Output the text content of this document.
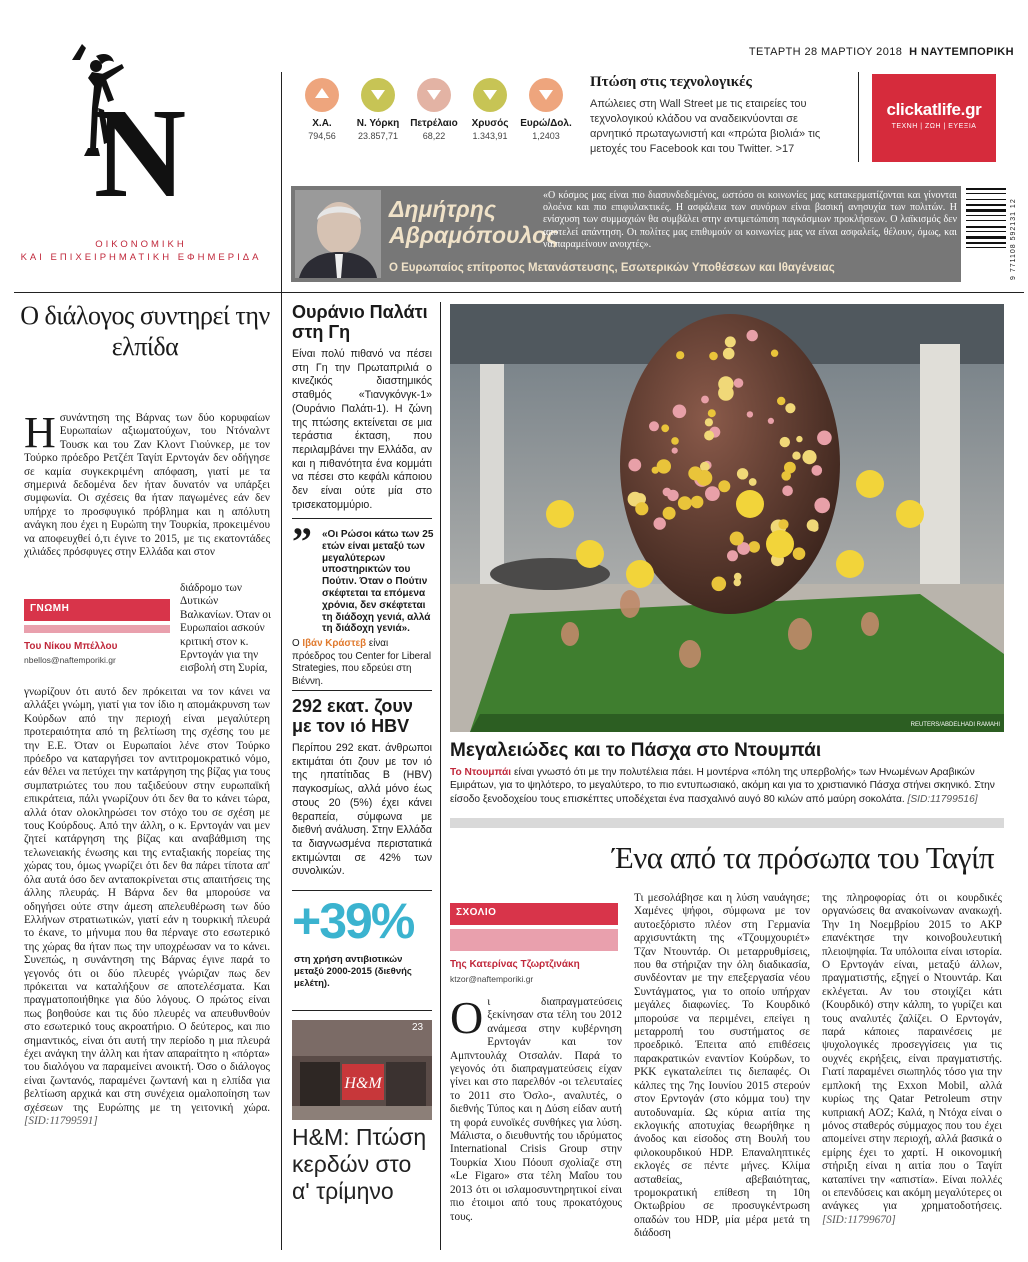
ΤΕΤΑΡΤΗ 28 ΜΑΡΤΙΟΥ 2018 Η ΝΑΥΤΕΜΠΟΡΙΚΗ
N
ΟΙΚΟΝΟΜΙΚΗ
ΚΑΙ ΕΠΙΧΕΙΡΗΜΑΤΙΚΗ ΕΦΗΜΕΡΙΔΑ
Χ.Α.
794,56
Ν. Υόρκη
23.857,71
Πετρέλαιο
68,22
Χρυσός
1.343,91
Ευρώ/Δολ.
1,2403
Πτώση στις τεχνολογικές
Απώλειες στη Wall Street με τις εταιρείες του τεχνολογικού κλάδου να αναδεικνύονται σε αρνητικό πρωταγωνιστή και «πρώτα βιολιά» τις μετοχές του Facebook και του Twitter. >17
clickatlife.gr
ΤΕΧΝΗ | ΖΩΗ | ΕΥΕΞΙΑ
Δημήτρης
Αβραμόπουλος
«Ο κόσμος μας είναι πιο διασυνδεδεμένος, ωστόσο οι κοινωνίες μας κατακερματίζονται και γίνονται ολοένα και πιο επιφυλακτικές. Η ασφάλεια των συνόρων είναι βασική ανησυχία των πολιτών. Η ενίσχυση των συμμαχιών θα συμβάλει στην αντιμετώπιση παγκόσμιων προκλήσεων. Ο λαϊκισμός δεν αποτελεί απάντηση. Οι πολίτες μας επιθυμούν οι κοινωνίες μας να είναι ασφαλείς, θέλουν, όμως, και να παραμείνουν ανοιχτές».
Ο Ευρωπαίος επίτροπος Μετανάστευσης, Εσωτερικών Υποθέσεων και Ιθαγένειας	9 771108 592131 12
Ο διάλογος συντηρεί την ελπίδα
Η συνάντηση της Βάρνας των δύο κορυφαίων Ευρωπαίων αξιωματούχων, του Ντόναλντ Τουσκ και του Ζαν Κλοντ Γιούνκερ, με τον Τούρκο πρόεδρο Ρετζέπ Ταγίπ Ερντογάν δεν οδήγησε σε καμία συγκεκριμένη απόφαση, γιατί με τα σημερινά δεδομένα δεν ήταν δυνατόν να υπάρξει συμφωνία. Οι σχέσεις θα ήταν παγωμένες εάν δεν υπήρχε το προσφυγικό πρόβλημα και η απόλυτη ανάγκη που έχει η Ευρώπη την Τουρκία, προκειμένου να αποφευχθεί ό,τι έγινε το 2015, με τις εκατοντάδες χιλιάδες πρόσφυγες στην Ελλάδα και στον
ΓΝΩΜΗ
Του Νίκου Μπέλλου
nbellos@naftemporiki.gr
διάδρομο των Δυτικών Βαλκανίων. Όταν οι Ευρωπαίοι ασκούν κριτική στον κ. Ερντογάν για την εισβολή στη Συρία,
γνωρίζουν ότι αυτό δεν πρόκειται να τον κάνει να αλλάξει γνώμη, γιατί για τον ίδιο η απομάκρυνση των Κούρδων από την περιοχή είναι μεγαλύτερη προτεραιότητα από τη βελτίωση της σχέσης του με την Ε.Ε. Όταν οι Ευρωπαίοι λένε στον Τούρκο πρόεδρο να καταργήσει τον αντιτρομοκρατικό νόμο, εάν θέλει να πετύχει την κατάργηση της βίζας για τους συμπατριώτες του που ταξιδεύουν στην ευρωπαϊκή επικράτεια, πάλι γνωρίζουν ότι δεν θα το κάνει τώρα, αλλά όταν ολοκληρώσει τον στόχο του σε σχέση με τους Κούρδους. Από την άλλη, ο κ. Ερντογάν ναι μεν ζητεί κατάργηση της βίζας και αναβάθμιση της τελωνειακής ένωσης και της ενταξιακής πορείας της χώρας του, όμως γνωρίζει ότι δεν θα πάρει τίποτα απ' όλα αυτά όσο δεν ανταποκρίνεται στις απαιτήσεις της άλλης πλευράς. Η Βάρνα δεν θα μπορούσε να οδηγήσει ούτε στην άμεση απελευθέρωση των δύο Ελλήνων στρατιωτικών, γιατί εάν η τουρκική πλευρά το έκανε, το μήνυμα που θα πέρναγε στο εσωτερικό της χώρας θα ήταν πως την υποχρέωσαν να το κάνει. Συνεπώς, η συνάντηση της Βάρνας έγινε παρά το γεγονός ότι οι δύο πλευρές γνώριζαν πως δεν πρόκειται να καταλήξουν σε αποτελέσματα. Και πραγματοποιήθηκε για δύο λόγους. Ο πρώτος είναι πως βοηθούσε και τις δύο πλευρές να απευθυνθούν στο εσωτερικό τους ακροατήριο. Ο δεύτερος, και πιο σημαντικός, είναι ότι αυτή την περίοδο η μια πλευρά έχει ανάγκη την άλλη και ήταν απαραίτητο η «πόρτα» του διαλόγου να παραμείνει ανοικτή. Όσο ο διάλογος είναι ζωντανός, παραμένει ζωντανή και η ελπίδα για βελτίωση αρχικά και στη συνέχεια ομαλοποίηση των σχέσεων της Ευρώπης με τη γειτονική χώρα. [SID:11799591]
Ουράνιο Παλάτι στη Γη
Είναι πολύ πιθανό να πέσει στη Γη την Πρωταπριλιά ο κινεζικός διαστημικός σταθμός «Τιανγκόνγκ-1» (Ουράνιο Παλάτι-1). Η ζώνη της πτώσης εκτείνεται σε μια τεράστια έκταση, που περιλαμβάνει την Ελλάδα, αν και η πιθανότητα ένα κομμάτι να πέσει στο κεφάλι κάποιου δεν είναι ούτε μία στο τρισεκατομμύριο.
” «Οι Ρώσοι κάτω των 25 ετών είναι μεταξύ των μεγαλύτερων υποστηρικτών του Πούτιν. Όταν ο Πούτιν σκέφτεται τα επόμενα χρόνια, δεν σκέφτεται τη διάδοχη γενιά, αλλά τη διάδοχη γενιά».
Ο Ιβάν Κράστεβ είναι πρόεδρος του Center for Liberal Strategies, που εδρεύει στη Βιέννη.
292 εκατ. ζουν με τον ιό HBV
Περίπου 292 εκατ. άνθρωποι εκτιμάται ότι ζουν με τον ιό της ηπατίτιδας B (HBV) παγκοσμίως, αλλά μόνο έως στους 20 (5%) έχει κάνει θεραπεία, σύμφωνα με διεθνή ανάλυση. Στην Ελλάδα τα διαγνωσμένα περιστατικά εκτιμώνται σε 42% των συνολικών.
+39%
στη χρήση αντιβιοτικών μεταξύ 2000-2015 (διεθνής μελέτη).
H&M
23
H&M: Πτώση κερδών στο α' τρίμηνο
REUTERS/ABDELHADI RAMAHI
Μεγαλειώδες και το Πάσχα στο Ντουμπάι
Το Ντουμπάι είναι γνωστό ότι με την πολυτέλεια πάει. Η μοντέρνα «πόλη της υπερβολής» των Ηνωμένων Αραβικών Εμιράτων, για το ψηλότερο, το μεγαλύτερο, το πιο εντυπωσιακό, ακόμη και για το χριστιανικό Πάσχα στήνει σκηνικό. Στην είσοδο ξενοδοχείου τους επισκέπτες υποδέχεται ένα πασχαλινό αυγό 80 κιλών από μαύρη σοκολάτα. [SID:11799516]
Ένα από τα πρόσωπα του Ταγίπ
ΣΧΟΛΙΟ
Της Κατερίνας Τζωρτζινάκη
ktzor@naftemporiki.gr
Ο ι διαπραγματεύσεις ξεκίνησαν στα τέλη του 2012 ανάμεσα στην κυβέρνηση Ερντογάν και τον Αμπντουλάχ Οτσαλάν. Παρά το γεγονός ότι διαπραγματεύσεις είχαν γίνει και στο παρελθόν -οι τελευταίες το 2011 στο Όσλο-, αναλυτές, ο διεθνής Τύπος και η Δύση είδαν αυτή τη φορά ευνοϊκές συνθήκες για λύση. Μάλιστα, ο διευθυντής του ιδρύματος International Crisis Group στην Τουρκία Χιου Πόουπ σχολίαζε στη «Le Figaro» στα τέλη Μαΐου του 2013 ότι οι ισλαμοσυντηρητικοί είναι πιο έτοιμοι από τους προκατόχους τους.
Τι μεσολάβησε και η λύση ναυάγησε; Χαμένες ψήφοι, σύμφωνα με τον αυτοεξόριστο πλέον στη Γερμανία αρχισυντάκτη της «Τζουμχουριέτ» Τζαν Ντουντάρ. Οι μεταρρυθμίσεις, που θα στήριζαν την όλη διαδικασία, συνδέονταν με την επεξεργασία νέου Συντάγματος, για το οποίο υπήρχαν μεγάλες διαφωνίες. Το Κουρδικό μπορούσε να περιμένει, επείγει η μεταρροπή του συστήματος σε προεδρικό. Έπειτα από επιθέσεις παρακρατικών εναντίον Κούρδων, το ΡΚΚ εγκαταλείπει τις διεπαφές. Οι κάλπες της 7ης Ιουνίου 2015 στερούν στον Ερντογάν (στο κόμμα του) την αυτοδυναμία. Ως κύρια αιτία της εκλογικής αποτυχίας θεωρήθηκε η άνοδος και είσοδος στη Βουλή του φιλοκουρδικού HDP. Επαναληπτικές εκλογές σε πέντε μήνες. Κλίμα ασταθείας, αβεβαιότητας, τρομοκρατική επίθεση τη 10η Οκτωβρίου σε προσυγκέντρωση οπαδών του HDP, μία μέρα μετά τη διάδοση
της πληροφορίας ότι οι κουρδικές οργανώσεις θα ανακοίνωναν ανακωχή. Την 1η Νοεμβρίου 2015 το ΑΚΡ επανέκτησε την κοινοβουλευτική πλειοψηφία. Τα υπόλοιπα είναι ιστορία. Ο Ερντογάν είναι, μεταξύ άλλων, πραγματιστής, εξηγεί ο Ντουντάρ. Και εκλέγεται. Αν του στοιχίζει κάτι (Κουρδικό) στην κάλπη, το γυρίζει και τους αναλυτές ζαλίζει. Ο Ερντογάν, παρά κάποιες παραινέσεις με ψυχολογικές προσεγγίσεις για τις ουχνές εκρήξεις, είναι πραγματιστής. Γιατί παραμένει σιωπηλός τόσο για την εμπλοκή της Exxon Mobil, αλλά κυρίως της Qatar Petroleum στην κυπριακή ΑΟΖ; Καλά, η Ντόχα είναι ο μόνος σταθερός σύμμαχος που του έχει απομείνει στην περιοχή, αλλά βασικά ο εμίρης έχει το χαρτί. Η οικονομική στήριξη είναι η αιτία που ο Ταγίπ καταπίνει την «απιστία». Είναι πολλές οι επενδύσεις και ακόμη μεγαλύτερες οι ανάγκες για χρηματοδοτήσεις. [SID:11799670]
